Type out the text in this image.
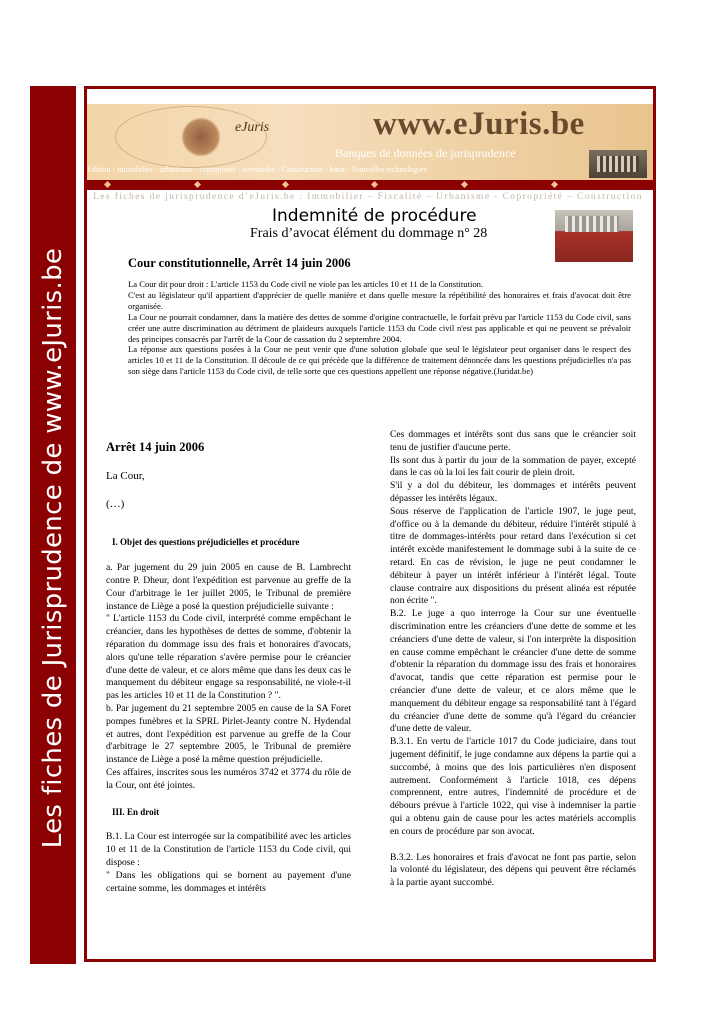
Les fiches de Jurisprudence de www.eJuris.be
eJuris	www.eJuris.be
Banques de données de jurisprudence
Edition - immobilier - urbanisme - copropriété - servitudes - Construction - baux - Nouvelles technologies
Les fiches de jurisprudence d’eJuris.be : Immobilier – Fiscalité – Urbanisme - Copropriété – Construction
Indemnité de procédure
Frais d’avocat élément du dommage n° 28
Cour constitutionnelle, Arrêt 14 juin 2006

La Cour dit pour droit : L'article 1153 du Code civil ne viole pas les articles 10 et 11 de la Constitution.

C'est au législateur qu'il appartient d'apprécier de quelle manière et dans quelle mesure la répétibilité des honoraires et frais d'avocat doit être organisée.

La Cour ne pourrait condamner, dans la matière des dettes de somme d'origine contractuelle, le forfait prévu par l'article 1153 du Code civil, sans créer une autre discrimination au détriment de plaideurs auxquels l'article 1153 du Code civil n'est pas applicable et qui ne peuvent se prévaloir des principes consacrés par l'arrêt de la Cour de cassation du 2 septembre 2004.

La réponse aux questions posées à la Cour ne peut venir que d'une solution globale que seul le législateur peut organiser dans le respect des articles 10 et 11 de la Constitution. Il découle de ce qui précède que la différence de traitement dénoncée dans les questions préjudicielles n'a pas son siège dans l'article 1153 du Code civil, de telle sorte que ces questions appellent une réponse négative.(Juridat.be)

Arrêt 14 juin 2006

La Cour,

(…)

I. Objet des questions préjudicielles et procédure

a. Par jugement du 29 juin 2005 en cause de B. Lambrecht contre P. Dheur, dont l'expédition est parvenue au greffe de la Cour d'arbitrage le 1er juillet 2005, le Tribunal de première instance de Liège a posé la question préjudicielle suivante :

" L'article 1153 du Code civil, interprété comme empêchant le créancier, dans les hypothèses de dettes de somme, d'obtenir la réparation du dommage issu des frais et honoraires d'avocats, alors qu'une telle réparation s'avère permise pour le créancier d'une dette de valeur, et ce alors même que dans les deux cas le manquement du débiteur engage sa responsabilité, ne viole-t-il pas les articles 10 et 11 de la Constitution ? ".

b. Par jugement du 21 septembre 2005 en cause de la SA Foret pompes funèbres et la SPRL Pirlet-Jeanty contre N. Hydendal et autres, dont l'expédition est parvenue au greffe de la Cour d'arbitrage le 27 septembre 2005, le Tribunal de première instance de Liège a posé la même question préjudicielle.

Ces affaires, inscrites sous les numéros 3742 et 3774 du rôle de la Cour, ont été jointes.

III. En droit

B.1. La Cour est interrogée sur la compatibilité avec les articles 10 et 11 de la Constitution de l'article 1153 du Code civil, qui dispose :

" Dans les obligations qui se bornent au payement d'une certaine somme, les dommages et intérêts

Ces dommages et intérêts sont dus sans que le créancier soit tenu de justifier d'aucune perte.

Ils sont dus à partir du jour de la sommation de payer, excepté dans le cas où la loi les fait courir de plein droit.

S'il y a dol du débiteur, les dommages et intérêts peuvent dépasser les intérêts légaux.

Sous réserve de l'application de l'article 1907, le juge peut, d'office ou à la demande du débiteur, réduire l'intérêt stipulé à titre de dommages-intérêts pour retard dans l'exécution si cet intérêt excède manifestement le dommage subi à la suite de ce retard. En cas de révision, le juge ne peut condamner le débiteur à payer un intérêt inférieur à l'intérêt légal. Toute clause contraire aux dispositions du présent alinéa est réputée non écrite ".

B.2. Le juge a quo interroge la Cour sur une éventuelle discrimination entre les créanciers d'une dette de somme et les créanciers d'une dette de valeur, si l'on interprète la disposition en cause comme empêchant le créancier d'une dette de somme d'obtenir la réparation du dommage issu des frais et honoraires d'avocat, tandis que cette réparation est permise pour le créancier d'une dette de valeur, et ce alors même que le manquement du débiteur engage sa responsabilité tant à l'égard du créancier d'une dette de somme qu'à l'égard du créancier d'une dette de valeur.

B.3.1. En vertu de l'article 1017 du Code judiciaire, dans tout jugement définitif, le juge condamne aux dépens la partie qui a succombé, à moins que des lois particulières n'en disposent autrement. Conformément à l'article 1018, ces dépens comprennent, entre autres, l'indemnité de procédure et de débours prévue à l'article 1022, qui vise à indemniser la partie qui a obtenu gain de cause pour les actes matériels accomplis en cours de procédure par son avocat.

B.3.2. Les honoraires et frais d'avocat ne font pas partie, selon la volonté du législateur, des dépens qui peuvent être réclamés à la partie ayant succombé.
